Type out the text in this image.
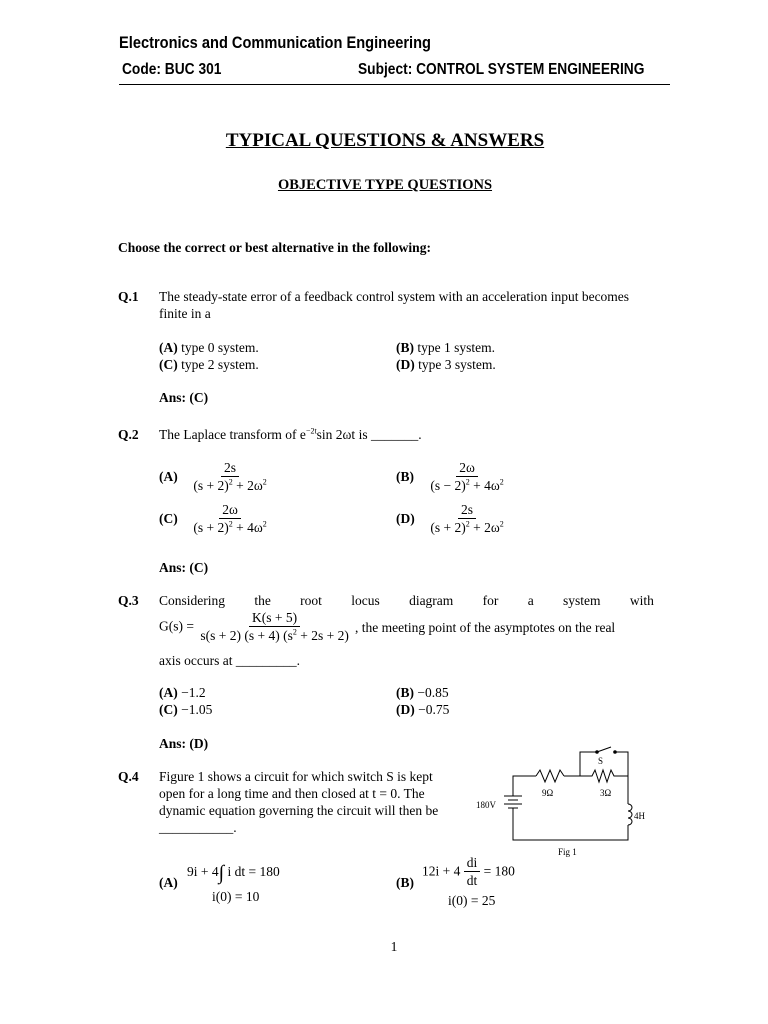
Electronics and Communication Engineering
Code: BUC 301	Subject: CONTROL SYSTEM ENGINEERING
TYPICAL QUESTIONS & ANSWERS
OBJECTIVE TYPE QUESTIONS
Choose the correct or best alternative in the following:
Q.1 The steady-state error of a feedback control system with an acceleration input becomes
finite in a
(A) type 0 system.	(B) type 1 system.
(C) type 2 system.	(D) type 3 system.
Ans: (C)
Q.2 The Laplace transform of $e^{-2t}\sin$ 2ωt is _______.
$(A) \frac{2s}{(s + 2)^2 + 2\omega^2}$	$(B) \frac{2\omega}{(s - 2)^2 + 4\omega^2}$
$(C) \frac{2\omega}{(s + 2)^2 + 4\omega^2}$	$(D) \frac{2s}{(s + 2)^2 + 2\omega^2}$
Ans: (C)
Q.3 Considering the root locus diagram for a system with
$G(s) = \frac{K(s + 5)}{s(s + 2) (s + 4) (s^2 + 2s + 2)}$ , the meeting point of the asymptotes on the real
axis occurs at _________.
(A) −1.2	(B) −0.85
(C) −1.05	(D) −0.75
Ans: (D)
Q.4 Figure 1 shows a circuit for which switch S is kept
open for a long time and then closed at t = 0. The
dynamic equation governing the circuit will then be
___________.
S
9Ω	3Ω
180V
4H
Fig 1
(A)
9i + 4∫ i dt = 180
i(0) = 10
(B)
$12i + 4 \frac{di}{dt} = 180$
i(0) = 25
1
